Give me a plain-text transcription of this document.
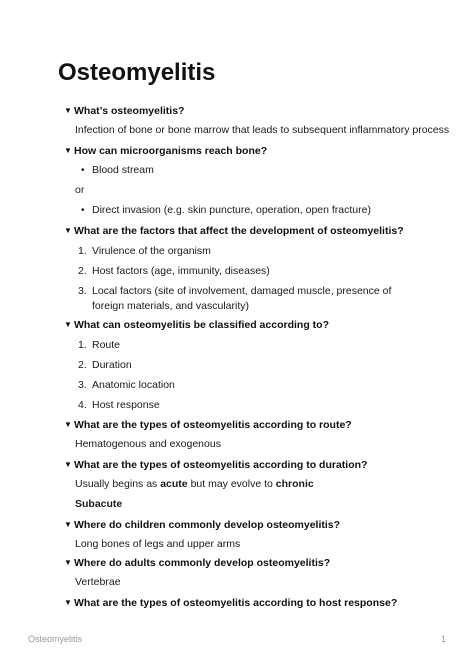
Osteomyelitis
▼ What’s osteomyelitis?
Infection of bone or bone marrow that leads to subsequent inflammatory process
▼ How can microorganisms reach bone?
• Blood stream
or
• Direct invasion (e.g. skin puncture, operation, open fracture)
▼ What are the factors that affect the development of osteomyelitis?
1. Virulence of the organism
2. Host factors (age, immunity, diseases)
3. Local factors (site of involvement, damaged muscle, presence of foreign materials, and vascularity)
▼ What can osteomyelitis be classified according to?
1. Route
2. Duration
3. Anatomic location
4. Host response
▼ What are the types of osteomyelitis according to route?
Hematogenous and exogenous
▼ What are the types of osteomyelitis according to duration?
Usually begins as acute but may evolve to chronic
Subacute
▼ Where do children commonly develop osteomyelitis?
Long bones of legs and upper arms
▼ Where do adults commonly develop osteomyelitis?
Vertebrae
▼ What are the types of osteomyelitis according to host response?
Osteomyelitis	1
